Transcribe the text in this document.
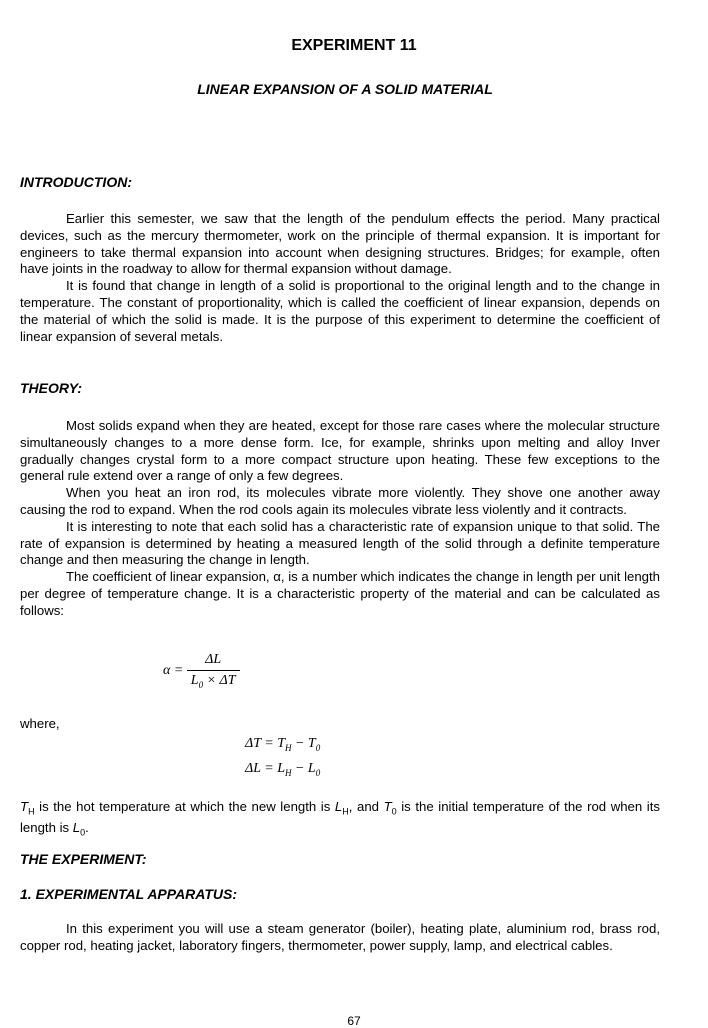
EXPERIMENT 11
LINEAR EXPANSION OF A SOLID MATERIAL
INTRODUCTION:

Earlier this semester, we saw that the length of the pendulum effects the period. Many practical devices, such as the mercury thermometer, work on the principle of thermal expansion. It is important for engineers to take thermal expansion into account when designing structures. Bridges; for example, often have joints in the roadway to allow for thermal expansion without damage.

It is found that change in length of a solid is proportional to the original length and to the change in temperature. The constant of proportionality, which is called the coefficient of linear expansion, depends on the material of which the solid is made. It is the purpose of this experiment to determine the coefficient of linear expansion of several metals.

THEORY:

Most solids expand when they are heated, except for those rare cases where the molecular structure simultaneously changes to a more dense form. Ice, for example, shrinks upon melting and alloy Inver gradually changes crystal form to a more compact structure upon heating. These few exceptions to the general rule extend over a range of only a few degrees.

When you heat an iron rod, its molecules vibrate more violently. They shove one another away causing the rod to expand. When the rod cools again its molecules vibrate less violently and it contracts.

It is interesting to note that each solid has a characteristic rate of expansion unique to that solid. The rate of expansion is determined by heating a measured length of the solid through a definite temperature change and then measuring the change in length.

The coefficient of linear expansion, α, is a number which indicates the change in length per unit length per degree of temperature change. It is a characteristic property of the material and can be calculated as follows:

$\alpha = \frac{\Delta L}{L_0 \times \Delta T}$
where,
$\Delta T = T_H - T_0$
$\Delta L = L_H - L_0$
$T_H$ is the hot temperature at which the new length is $L_H$, and $T_0$ is the initial temperature of the rod when its length is $L_0$.
THE EXPERIMENT:
1. EXPERIMENTAL APPARATUS:

In this experiment you will use a steam generator (boiler), heating plate, aluminium rod, brass rod, copper rod, heating jacket, laboratory fingers, thermometer, power supply, lamp, and electrical cables.

67
